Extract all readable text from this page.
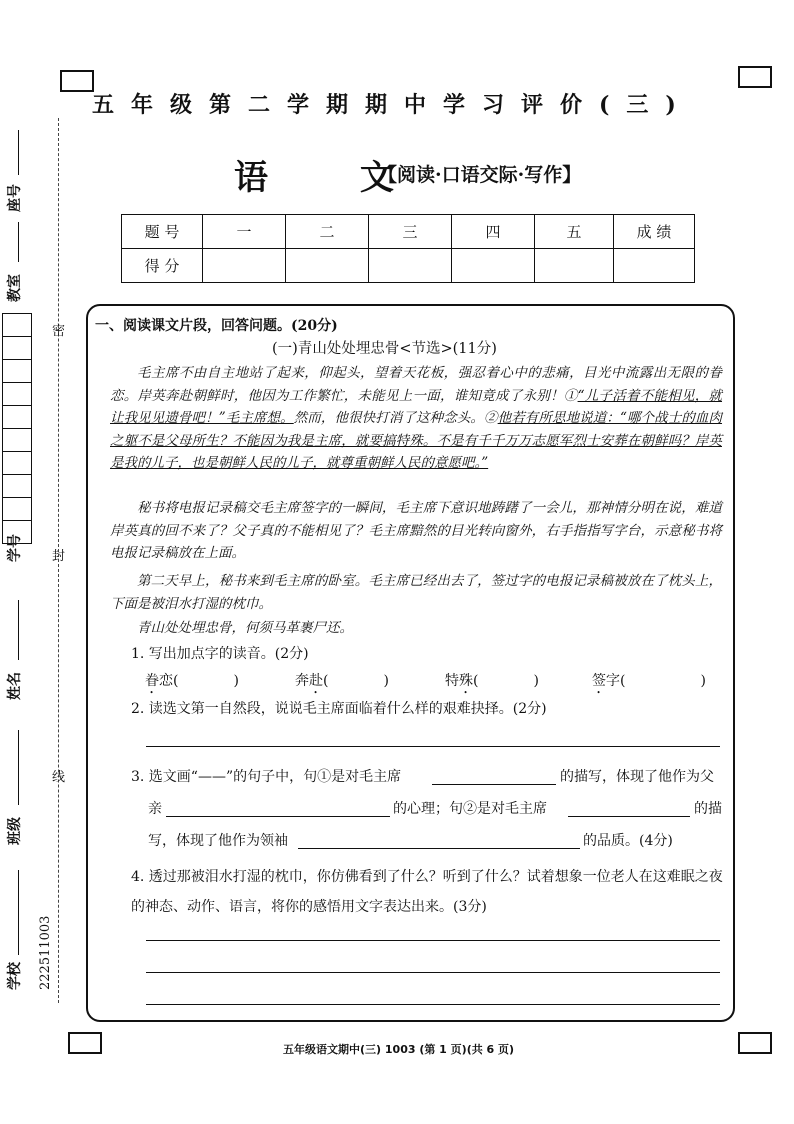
五年级第二学期期中学习评价(三)
语 文
【阅读·口语交际·写作】
题 号	一	二	三	四	五	成 绩
得 分						
座号
教室
学号
姓名
班级
学校 222511003
密
封
线
一、阅读课文片段，回答问题。(20分)
(一)青山处处埋忠骨<节选>(11分)
毛主席不由自主地站了起来，仰起头，望着天花板，强忍着心中的悲痛，目光中流露出无限的眷恋。岸英奔赴朝鲜时，他因为工作繁忙，未能见上一面，谁知竟成了永别！①“儿子活着不能相见，就让我见见遗骨吧！”毛主席想。然而，他很快打消了这种念头。②他若有所思地说道：“哪个战士的血肉之躯不是父母所生？不能因为我是主席，就要搞特殊。不是有千千万万志愿军烈士安葬在朝鲜吗？岸英是我的儿子，也是朝鲜人民的儿子，就尊重朝鲜人民的意愿吧。”
秘书将电报记录稿交毛主席签字的一瞬间，毛主席下意识地踌躇了一会儿，那神情分明在说，难道岸英真的回不来了？父子真的不能相见了？毛主席黯然的目光转向窗外，右手指指写字台，示意秘书将电报记录稿放在上面。
第二天早上，秘书来到毛主席的卧室。毛主席已经出去了，签过字的电报记录稿被放在了枕头上，下面是被泪水打湿的枕巾。
青山处处埋忠骨，何须马革裹尸还。
1. 写出加点字的读音。(2分)
眷恋(	)	奔赴(	)	特殊(	)	签字(	)
2. 读选文第一自然段，说说毛主席面临着什么样的艰难抉择。(2分)
3. 选文画“——”的句子中，句①是对毛主席	的描写，体现了他作为父
亲	的心理；句②是对毛主席	的描
写，体现了他作为领袖	的品质。(4分)
4. 透过那被泪水打湿的枕巾，你仿佛看到了什么？听到了什么？试着想象一位老人在这难眠之夜的神态、动作、语言，将你的感悟用文字表达出来。(3分)
五年级语文期中(三) 1003 (第 1 页)(共 6 页)
